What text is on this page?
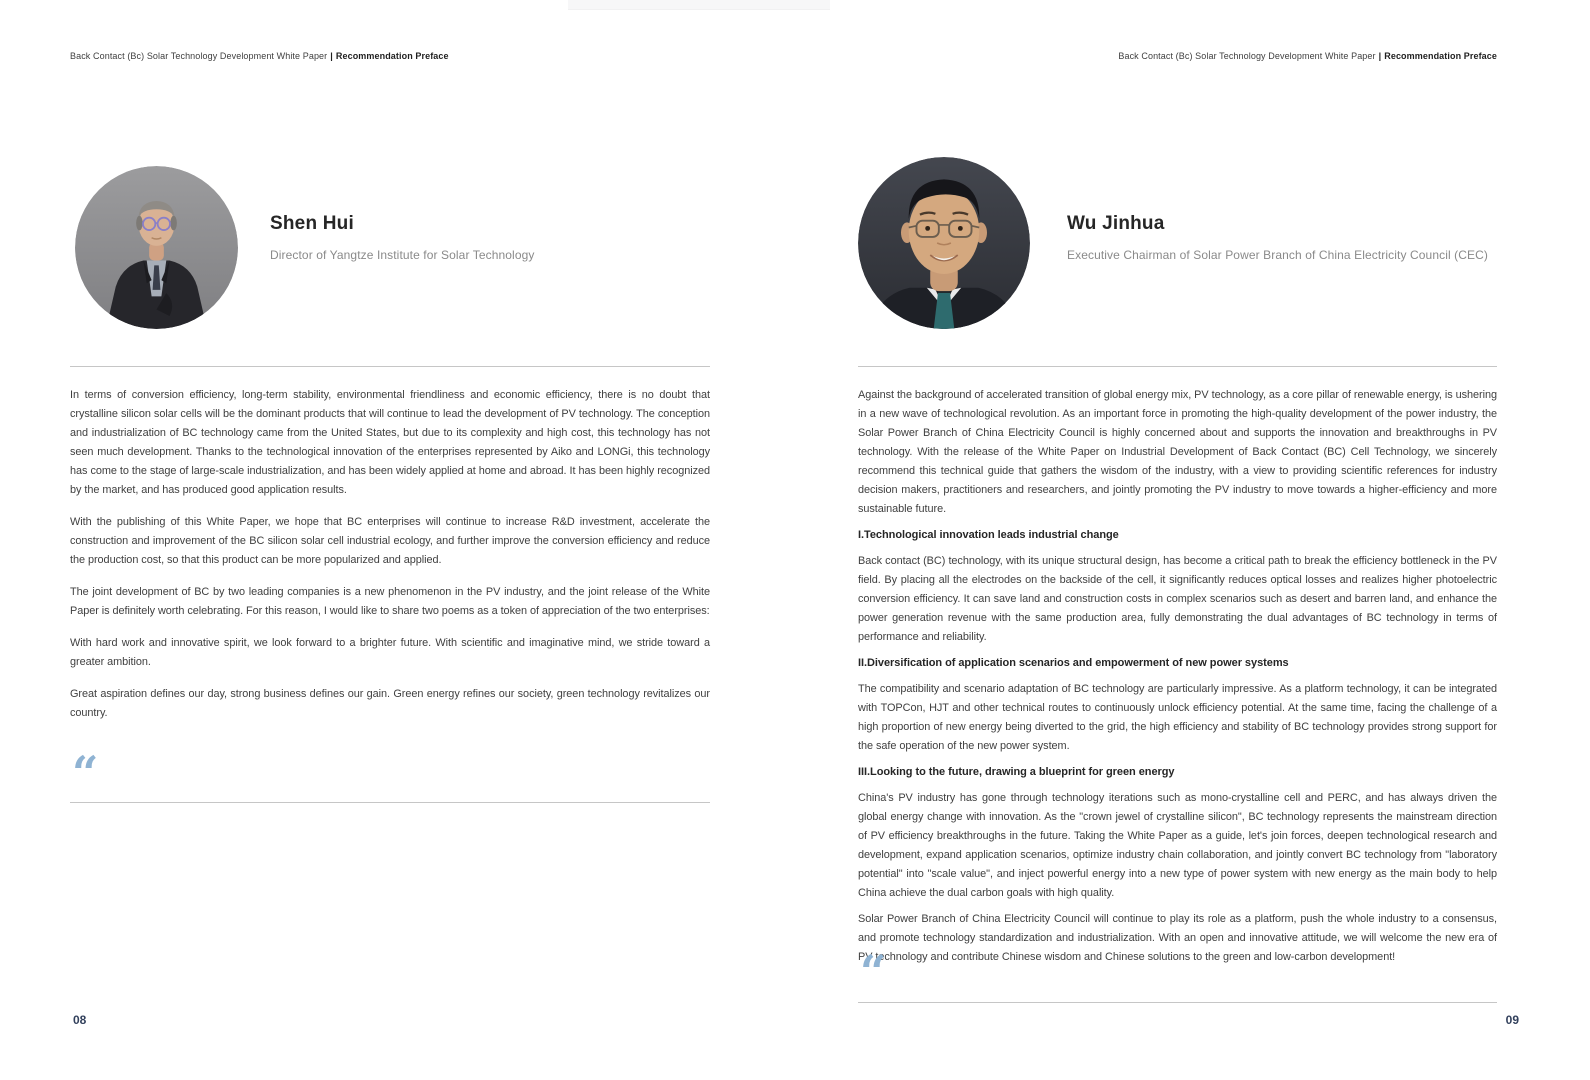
Back Contact (Bc) Solar Technology Development White Paper | Recommendation Preface
Shen Hui
Director of Yangtze Institute for Solar Technology

In terms of conversion efficiency, long-term stability, environmental friendliness and economic efficiency, there is no doubt that crystalline silicon solar cells will be the dominant products that will continue to lead the development of PV technology. The conception and industrialization of BC technology came from the United States, but due to its complexity and high cost, this technology has not seen much development. Thanks to the technological innovation of the enterprises represented by Aiko and LONGi, this technology has come to the stage of large-scale industrialization, and has been widely applied at home and abroad. It has been highly recognized by the market, and has produced good application results.

With the publishing of this White Paper, we hope that BC enterprises will continue to increase R&D investment, accelerate the construction and improvement of the BC silicon solar cell industrial ecology, and further improve the conversion efficiency and reduce the production cost, so that this product can be more popularized and applied.

The joint development of BC by two leading companies is a new phenomenon in the PV industry, and the joint release of the White Paper is definitely worth celebrating. For this reason, I would like to share two poems as a token of appreciation of the two enterprises:

With hard work and innovative spirit, we look forward to a brighter future. With scientific and imaginative mind, we stride toward a greater ambition.

Great aspiration defines our day, strong business defines our gain. Green energy refines our society, green technology revitalizes our country.

“
08
Back Contact (Bc) Solar Technology Development White Paper | Recommendation Preface
Wu Jinhua
Executive Chairman of Solar Power Branch of China Electricity Council (CEC)

Against the background of accelerated transition of global energy mix, PV technology, as a core pillar of renewable energy, is ushering in a new wave of technological revolution. As an important force in promoting the high-quality development of the power industry, the Solar Power Branch of China Electricity Council is highly concerned about and supports the innovation and breakthroughs in PV technology. With the release of the White Paper on Industrial Development of Back Contact (BC) Cell Technology, we sincerely recommend this technical guide that gathers the wisdom of the industry, with a view to providing scientific references for industry decision makers, practitioners and researchers, and jointly promoting the PV industry to move towards a higher-efficiency and more sustainable future.

I.Technological innovation leads industrial change

Back contact (BC) technology, with its unique structural design, has become a critical path to break the efficiency bottleneck in the PV field. By placing all the electrodes on the backside of the cell, it significantly reduces optical losses and realizes higher photoelectric conversion efficiency. It can save land and construction costs in complex scenarios such as desert and barren land, and enhance the power generation revenue with the same production area, fully demonstrating the dual advantages of BC technology in terms of performance and reliability.

II.Diversification of application scenarios and empowerment of new power systems

The compatibility and scenario adaptation of BC technology are particularly impressive. As a platform technology, it can be integrated with TOPCon, HJT and other technical routes to continuously unlock efficiency potential. At the same time, facing the challenge of a high proportion of new energy being diverted to the grid, the high efficiency and stability of BC technology provides strong support for the safe operation of the new power system.

III.Looking to the future, drawing a blueprint for green energy

China's PV industry has gone through technology iterations such as mono-crystalline cell and PERC, and has always driven the global energy change with innovation. As the "crown jewel of crystalline silicon", BC technology represents the mainstream direction of PV efficiency breakthroughs in the future. Taking the White Paper as a guide, let's join forces, deepen technological research and development, expand application scenarios, optimize industry chain collaboration, and jointly convert BC technology from "laboratory potential" into "scale value", and inject powerful energy into a new type of power system with new energy as the main body to help China achieve the dual carbon goals with high quality.

Solar Power Branch of China Electricity Council will continue to play its role as a platform, push the whole industry to a consensus, and promote technology standardization and industrialization. With an open and innovative attitude, we will welcome the new era of PV technology and contribute Chinese wisdom and Chinese solutions to the green and low-carbon development!

“
09
